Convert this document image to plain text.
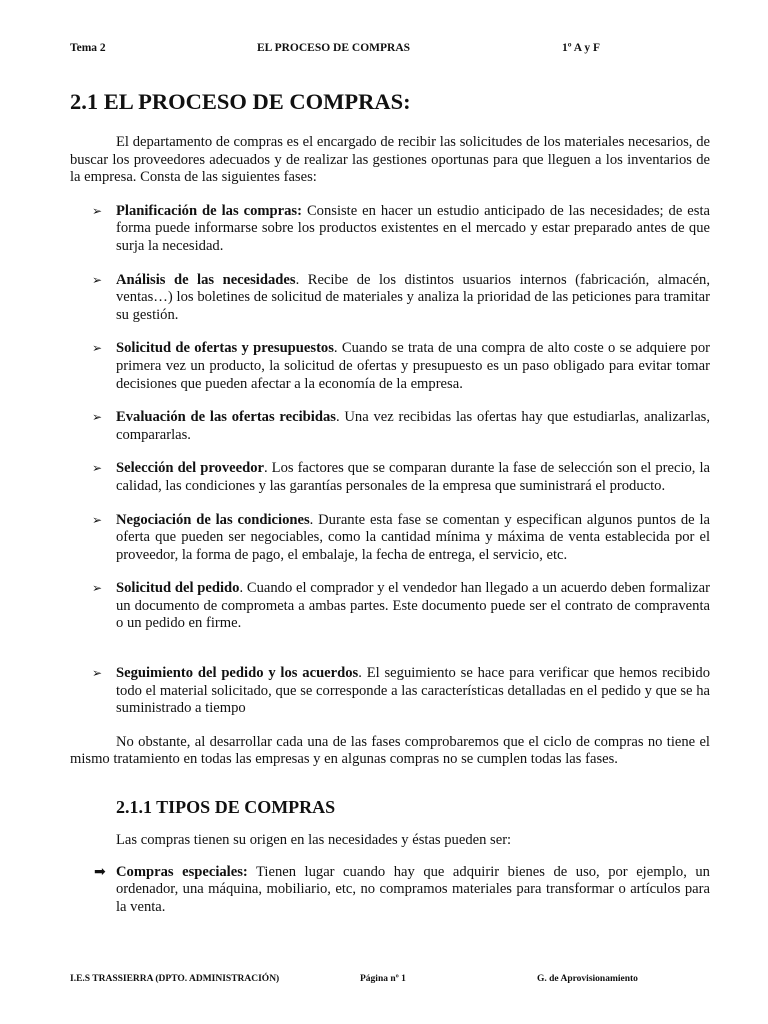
Tema 2	EL PROCESO DE COMPRAS	1º A y F
2.1 EL PROCESO DE COMPRAS:

El departamento de compras es el encargado de recibir las solicitudes de los materiales necesarios, de buscar los proveedores adecuados y de realizar las gestiones oportunas para que lleguen a los inventarios de la empresa. Consta de las siguientes fases:

➢ Planificación de las compras: Consiste en hacer un estudio anticipado de las necesidades; de esta forma puede informarse sobre los productos existentes en el mercado y estar preparado antes de que surja la necesidad.
➢ Análisis de las necesidades. Recibe de los distintos usuarios internos (fabricación, almacén, ventas…) los boletines de solicitud de materiales y analiza la prioridad de las peticiones para tramitar su gestión.
➢ Solicitud de ofertas y presupuestos. Cuando se trata de una compra de alto coste o se adquiere por primera vez un producto, la solicitud de ofertas y presupuesto es un paso obligado para evitar tomar decisiones que pueden afectar a la economía de la empresa.
➢ Evaluación de las ofertas recibidas. Una vez recibidas las ofertas hay que estudiarlas, analizarlas, compararlas.
➢ Selección del proveedor. Los factores que se comparan durante la fase de selección son el precio, la calidad, las condiciones y las garantías personales de la empresa que suministrará el producto.
➢ Negociación de las condiciones. Durante esta fase se comentan y especifican algunos puntos de la oferta que pueden ser negociables, como la cantidad mínima y máxima de venta establecida por el proveedor, la forma de pago, el embalaje, la fecha de entrega, el servicio, etc.
➢ Solicitud del pedido. Cuando el comprador y el vendedor han llegado a un acuerdo deben formalizar un documento de comprometa a ambas partes. Este documento puede ser el contrato de compraventa o un pedido en firme.
➢ Seguimiento del pedido y los acuerdos. El seguimiento se hace para verificar que hemos recibido todo el material solicitado, que se corresponde a las características detalladas en el pedido y que se ha suministrado a tiempo

No obstante, al desarrollar cada una de las fases comprobaremos que el ciclo de compras no tiene el mismo tratamiento en todas las empresas y en algunas compras no se cumplen todas las fases.

2.1.1 TIPOS DE COMPRAS

Las compras tienen su origen en las necesidades y éstas pueden ser:

➡ Compras especiales: Tienen lugar cuando hay que adquirir bienes de uso, por ejemplo, un ordenador, una máquina, mobiliario, etc, no compramos materiales para transformar o artículos para la venta.
I.E.S TRASSIERRA (DPTO. ADMINISTRACIÓN)	Página nº 1	G. de Aprovisionamiento
